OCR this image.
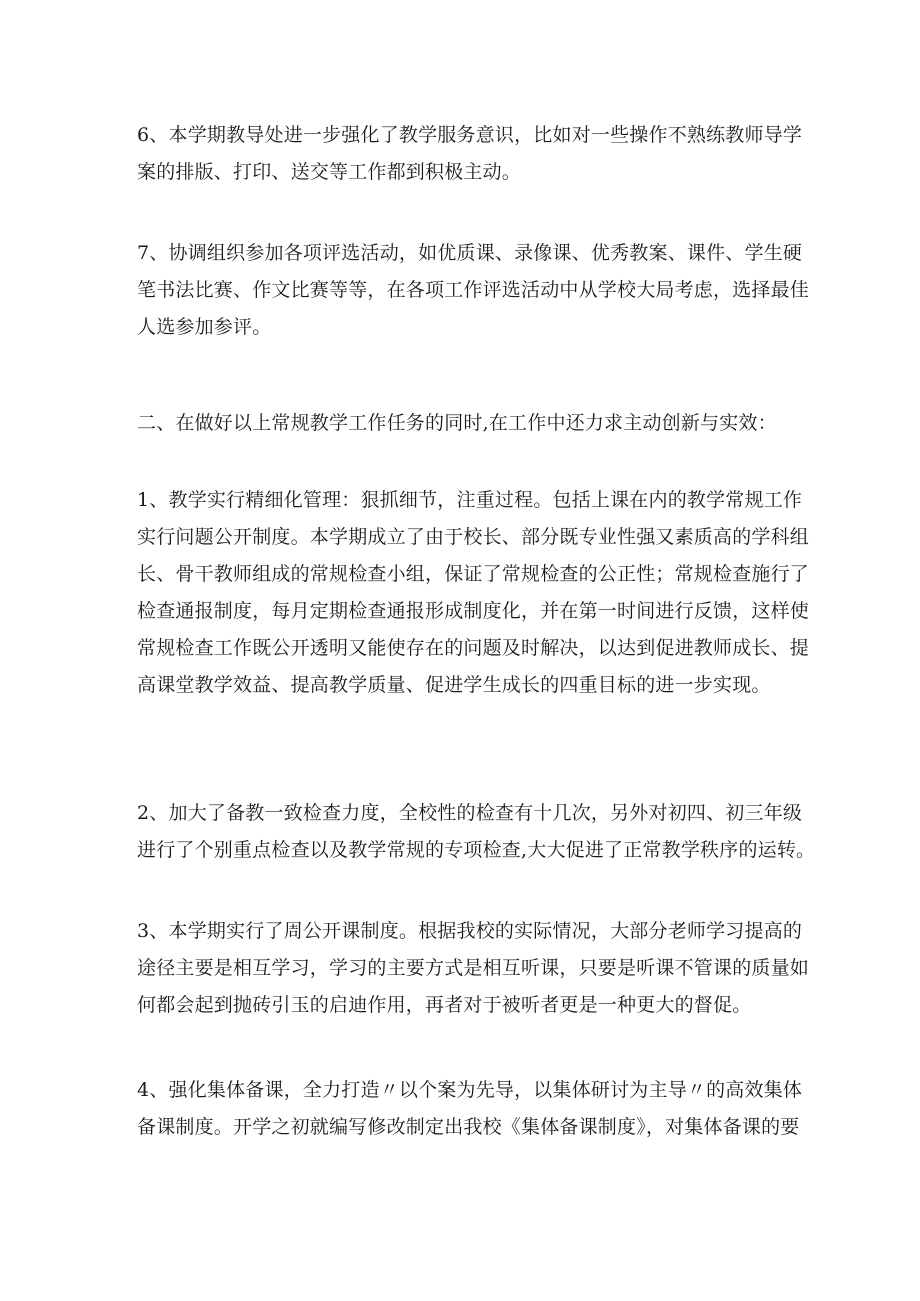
6、本学期教导处进一步强化了教学服务意识，比如对一些操作不熟练教师导学
案的排版、打印、送交等工作都到积极主动。

7、协调组织参加各项评选活动，如优质课、录像课、优秀教案、课件、学生硬
笔书法比赛、作文比赛等等，在各项工作评选活动中从学校大局考虑，选择最佳
人选参加参评。

二、在做好以上常规教学工作任务的同时,在工作中还力求主动创新与实效：

1、教学实行精细化管理：狠抓细节，注重过程。包括上课在内的教学常规工作
实行问题公开制度。本学期成立了由于校长、部分既专业性强又素质高的学科组
长、骨干教师组成的常规检查小组，保证了常规检查的公正性；常规检查施行了
检查通报制度，每月定期检查通报形成制度化，并在第一时间进行反馈，这样使
常规检查工作既公开透明又能使存在的问题及时解决，以达到促进教师成长、提
高课堂教学效益、提高教学质量、促进学生成长的四重目标的进一步实现。

2、加大了备教一致检查力度，全校性的检查有十几次，另外对初四、初三年级
进行了个别重点检查以及教学常规的专项检查,大大促进了正常教学秩序的运转。

3、本学期实行了周公开课制度。根据我校的实际情况，大部分老师学习提高的
途径主要是相互学习，学习的主要方式是相互听课，只要是听课不管课的质量如
何都会起到抛砖引玉的启迪作用，再者对于被听者更是一种更大的督促。

4、强化集体备课，全力打造〃以个案为先导，以集体研讨为主导〃的高效集体
备课制度。开学之初就编写修改制定出我校《集体备课制度》，对集体备课的要
